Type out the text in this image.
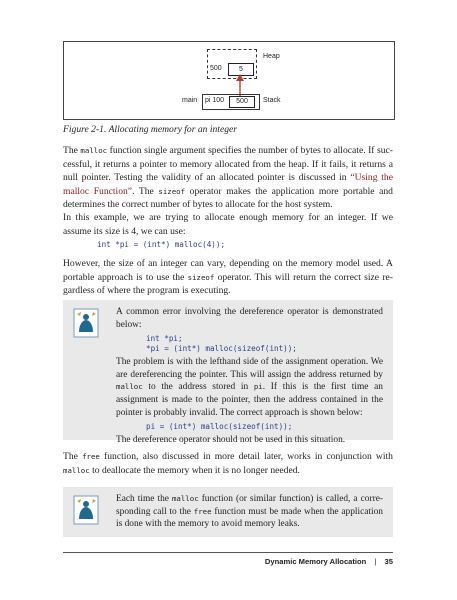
Heap
500	5
main pi 100	500	Stack
Figure 2-1. Allocating memory for an integer

The malloc function single argument specifies the number of bytes to allocate. If successful, it returns a pointer to memory allocated from the heap. If it fails, it returns a null pointer. Testing the validity of an allocated pointer is discussed in “Using the malloc Function”. The sizeof operator makes the application more portable and determines the correct number of bytes to allocate for the host system.

In this example, we are trying to allocate enough memory for an integer. If we assume its size is 4, we can use:

int *pi = (int*) malloc(4));

However, the size of an integer can vary, depending on the memory model used. A portable approach is to use the sizeof operator. This will return the correct size regardless of where the program is executing.

A common error involving the dereference operator is demonstrated below:

int *pi;
*pi = (int*) malloc(sizeof(int));

The problem is with the lefthand side of the assignment operation. We are dereferencing the pointer. This will assign the address returned by malloc to the address stored in pi. If this is the first time an assignment is made to the pointer, then the address contained in the pointer is probably invalid. The correct approach is shown below:

pi = (int*) malloc(sizeof(int));

The dereference operator should not be used in this situation.

The free function, also discussed in more detail later, works in conjunction with malloc to deallocate the memory when it is no longer needed.

Each time the malloc function (or similar function) is called, a corresponding call to the free function must be made when the application is done with the memory to avoid memory leaks.

Dynamic Memory Allocation | 35
